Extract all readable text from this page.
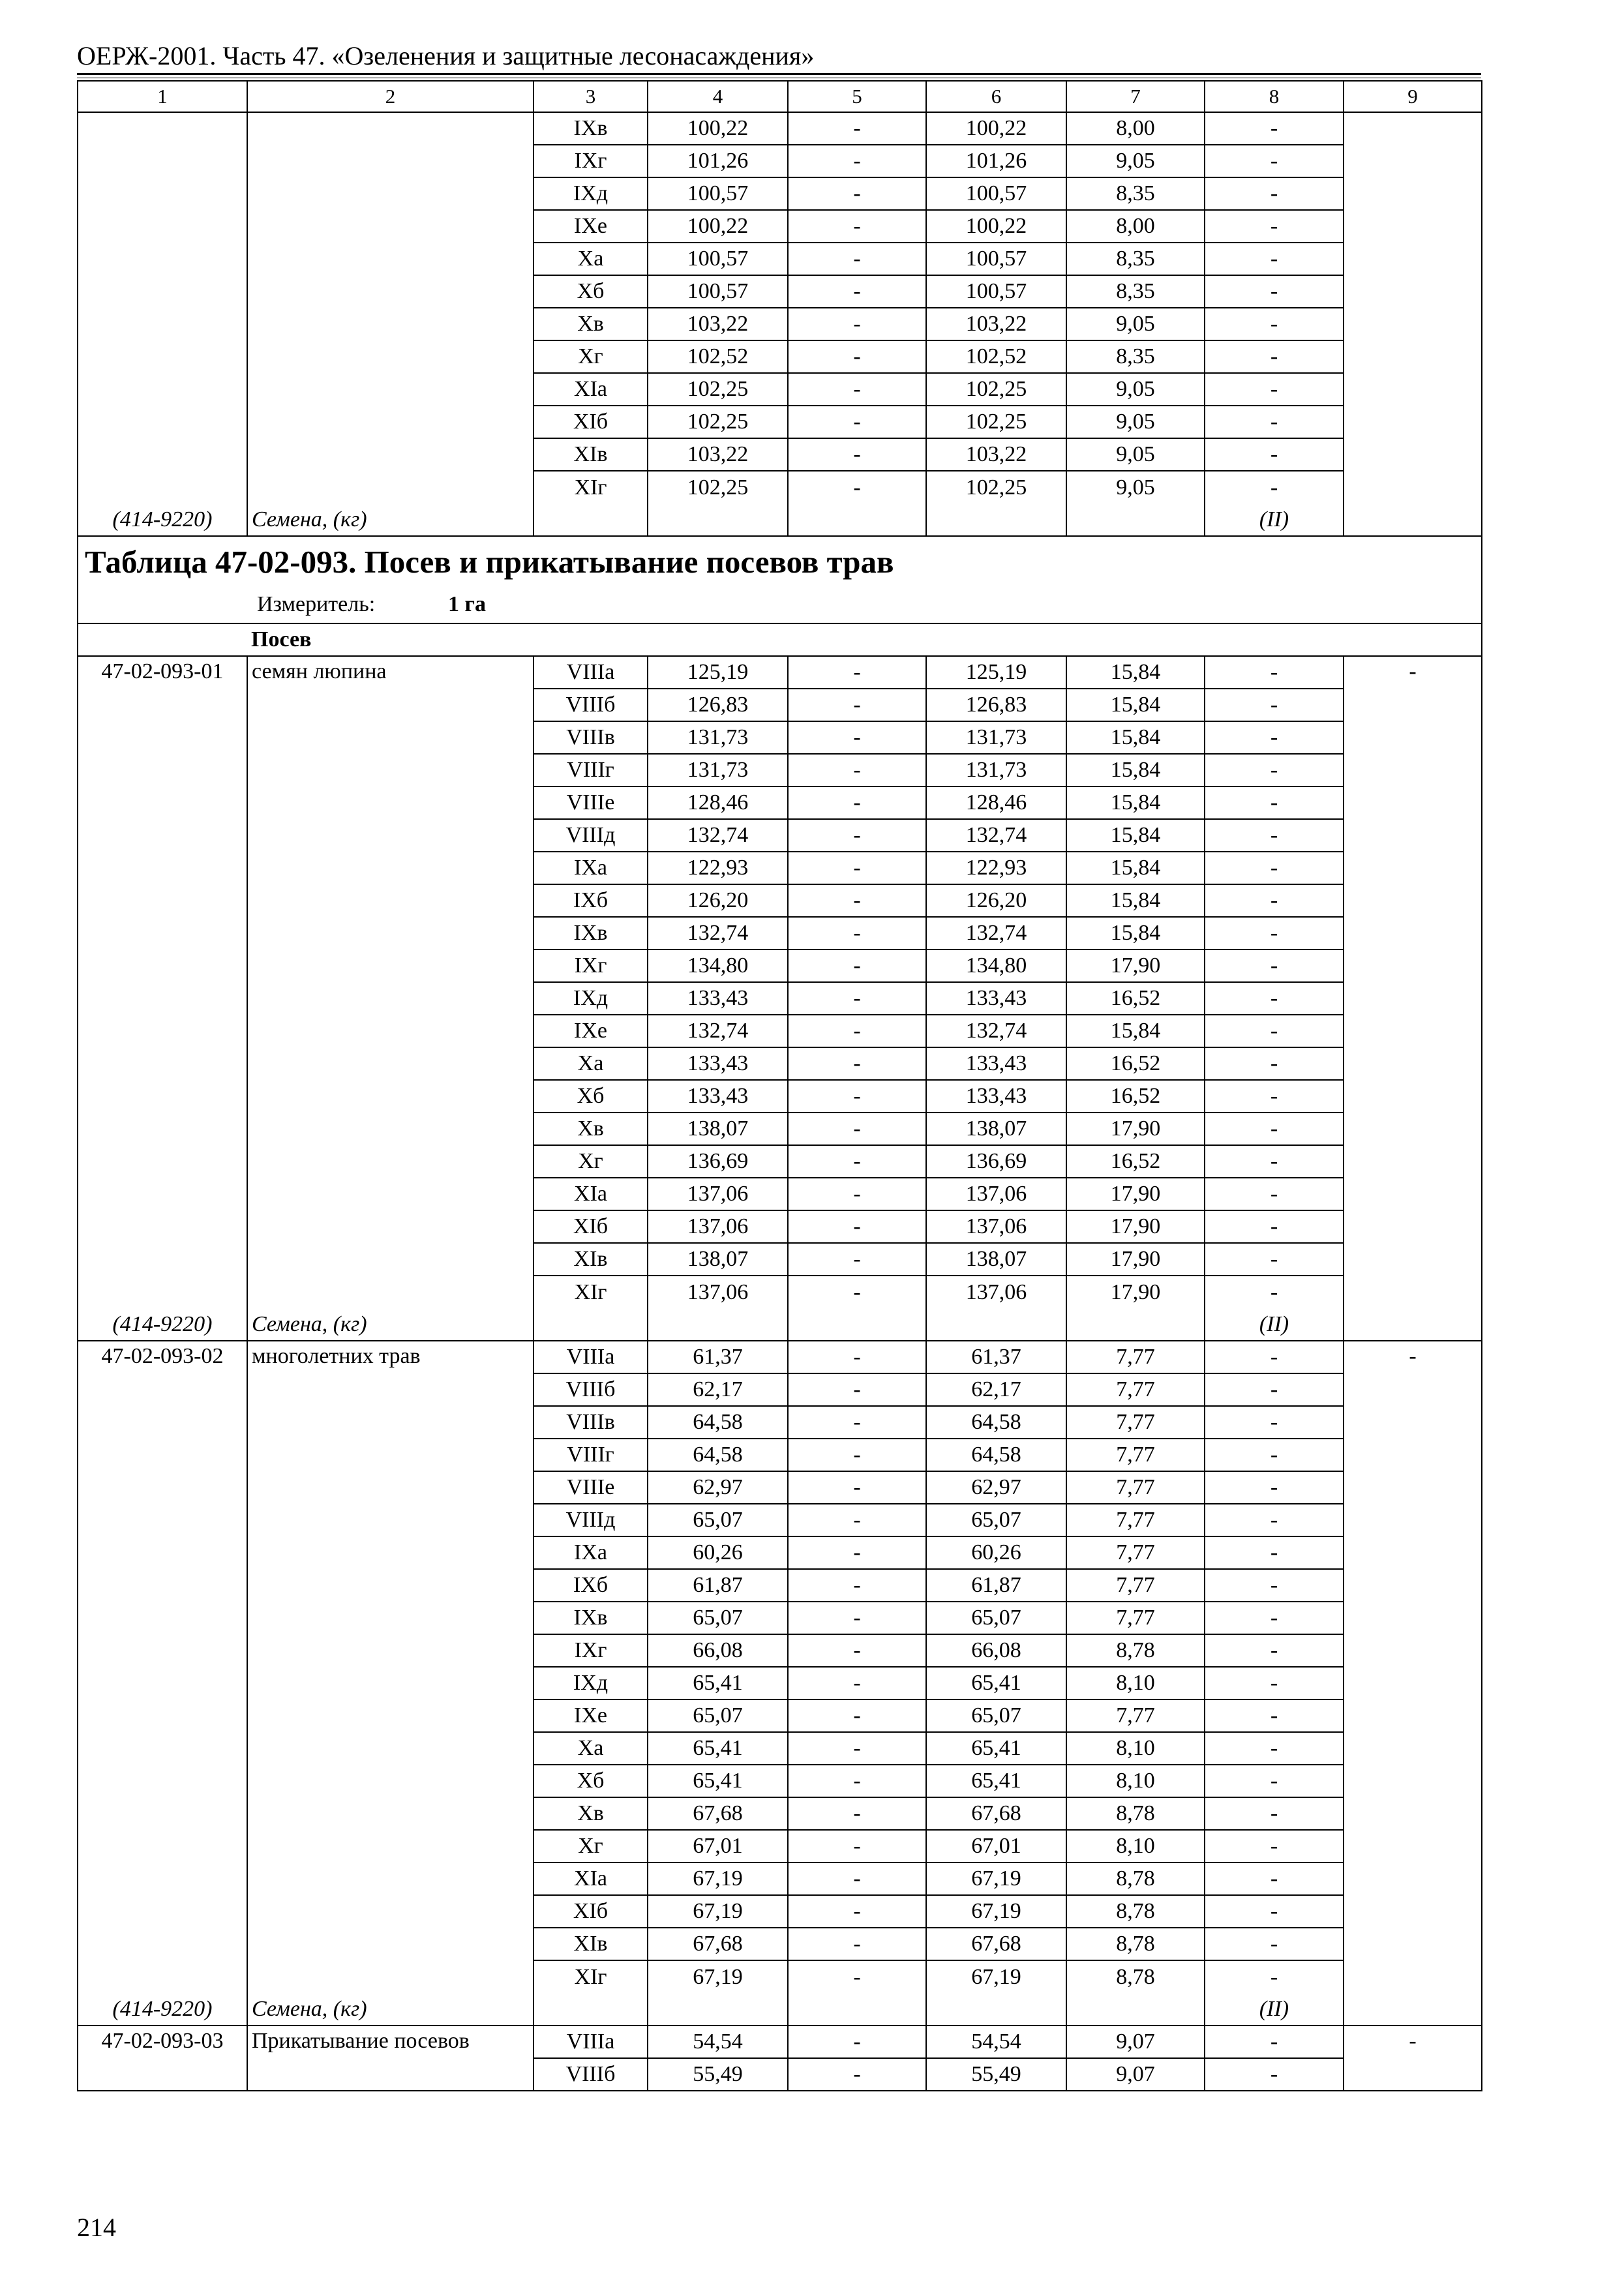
ОЕРЖ-2001. Часть 47. «Озеленения и защитные лесонасаждения»
1	2	3	4	5	6	7	8	9
		IXв	100,22	-	100,22	8,00	-	
		IXг	101,26	-	101,26	9,05	-	
		IXд	100,57	-	100,57	8,35	-	
		IXе	100,22	-	100,22	8,00	-	
		Xа	100,57	-	100,57	8,35	-	
		Xб	100,57	-	100,57	8,35	-	
		Xв	103,22	-	103,22	9,05	-	
		Xг	102,52	-	102,52	8,35	-	
		XIа	102,25	-	102,25	9,05	-	
		XIб	102,25	-	102,25	9,05	-	
		XIв	103,22	-	103,22	9,05	-	
		XIг	102,25	-	102,25	9,05	-	
(414-9220)	Семена, (кг)						(II)	
Таблица 47-02-093. Посев и прикатывание посевов трав								

Измеритель: 1 га								

	Посев							
47-02-093-01	семян люпина	VIIIа	125,19	-	125,19	15,84	-	-
		VIIIб	126,83	-	126,83	15,84	-	
		VIIIв	131,73	-	131,73	15,84	-	
		VIIIг	131,73	-	131,73	15,84	-	
		VIIIе	128,46	-	128,46	15,84	-	
		VIIIд	132,74	-	132,74	15,84	-	
		IXа	122,93	-	122,93	15,84	-	
		IXб	126,20	-	126,20	15,84	-	
		IXв	132,74	-	132,74	15,84	-	
		IXг	134,80	-	134,80	17,90	-	
		IXд	133,43	-	133,43	16,52	-	
		IXе	132,74	-	132,74	15,84	-	
		Xа	133,43	-	133,43	16,52	-	
		Xб	133,43	-	133,43	16,52	-	
		Xв	138,07	-	138,07	17,90	-	
		Xг	136,69	-	136,69	16,52	-	
		XIа	137,06	-	137,06	17,90	-	
		XIб	137,06	-	137,06	17,90	-	
		XIв	138,07	-	138,07	17,90	-	
		XIг	137,06	-	137,06	17,90	-	
(414-9220)	Семена, (кг)						(II)	
47-02-093-02	многолетних трав	VIIIа	61,37	-	61,37	7,77	-	-
		VIIIб	62,17	-	62,17	7,77	-	
		VIIIв	64,58	-	64,58	7,77	-	
		VIIIг	64,58	-	64,58	7,77	-	
		VIIIе	62,97	-	62,97	7,77	-	
		VIIIд	65,07	-	65,07	7,77	-	
		IXа	60,26	-	60,26	7,77	-	
		IXб	61,87	-	61,87	7,77	-	
		IXв	65,07	-	65,07	7,77	-	
		IXг	66,08	-	66,08	8,78	-	
		IXд	65,41	-	65,41	8,10	-	
		IXе	65,07	-	65,07	7,77	-	
		Xа	65,41	-	65,41	8,10	-	
		Xб	65,41	-	65,41	8,10	-	
		Xв	67,68	-	67,68	8,78	-	
		Xг	67,01	-	67,01	8,10	-	
		XIа	67,19	-	67,19	8,78	-	
		XIб	67,19	-	67,19	8,78	-	
		XIв	67,68	-	67,68	8,78	-	
		XIг	67,19	-	67,19	8,78	-	
(414-9220)	Семена, (кг)						(II)	
47-02-093-03	Прикатывание посевов	VIIIа	54,54	-	54,54	9,07	-	-
		VIIIб	55,49	-	55,49	9,07	-	
214
